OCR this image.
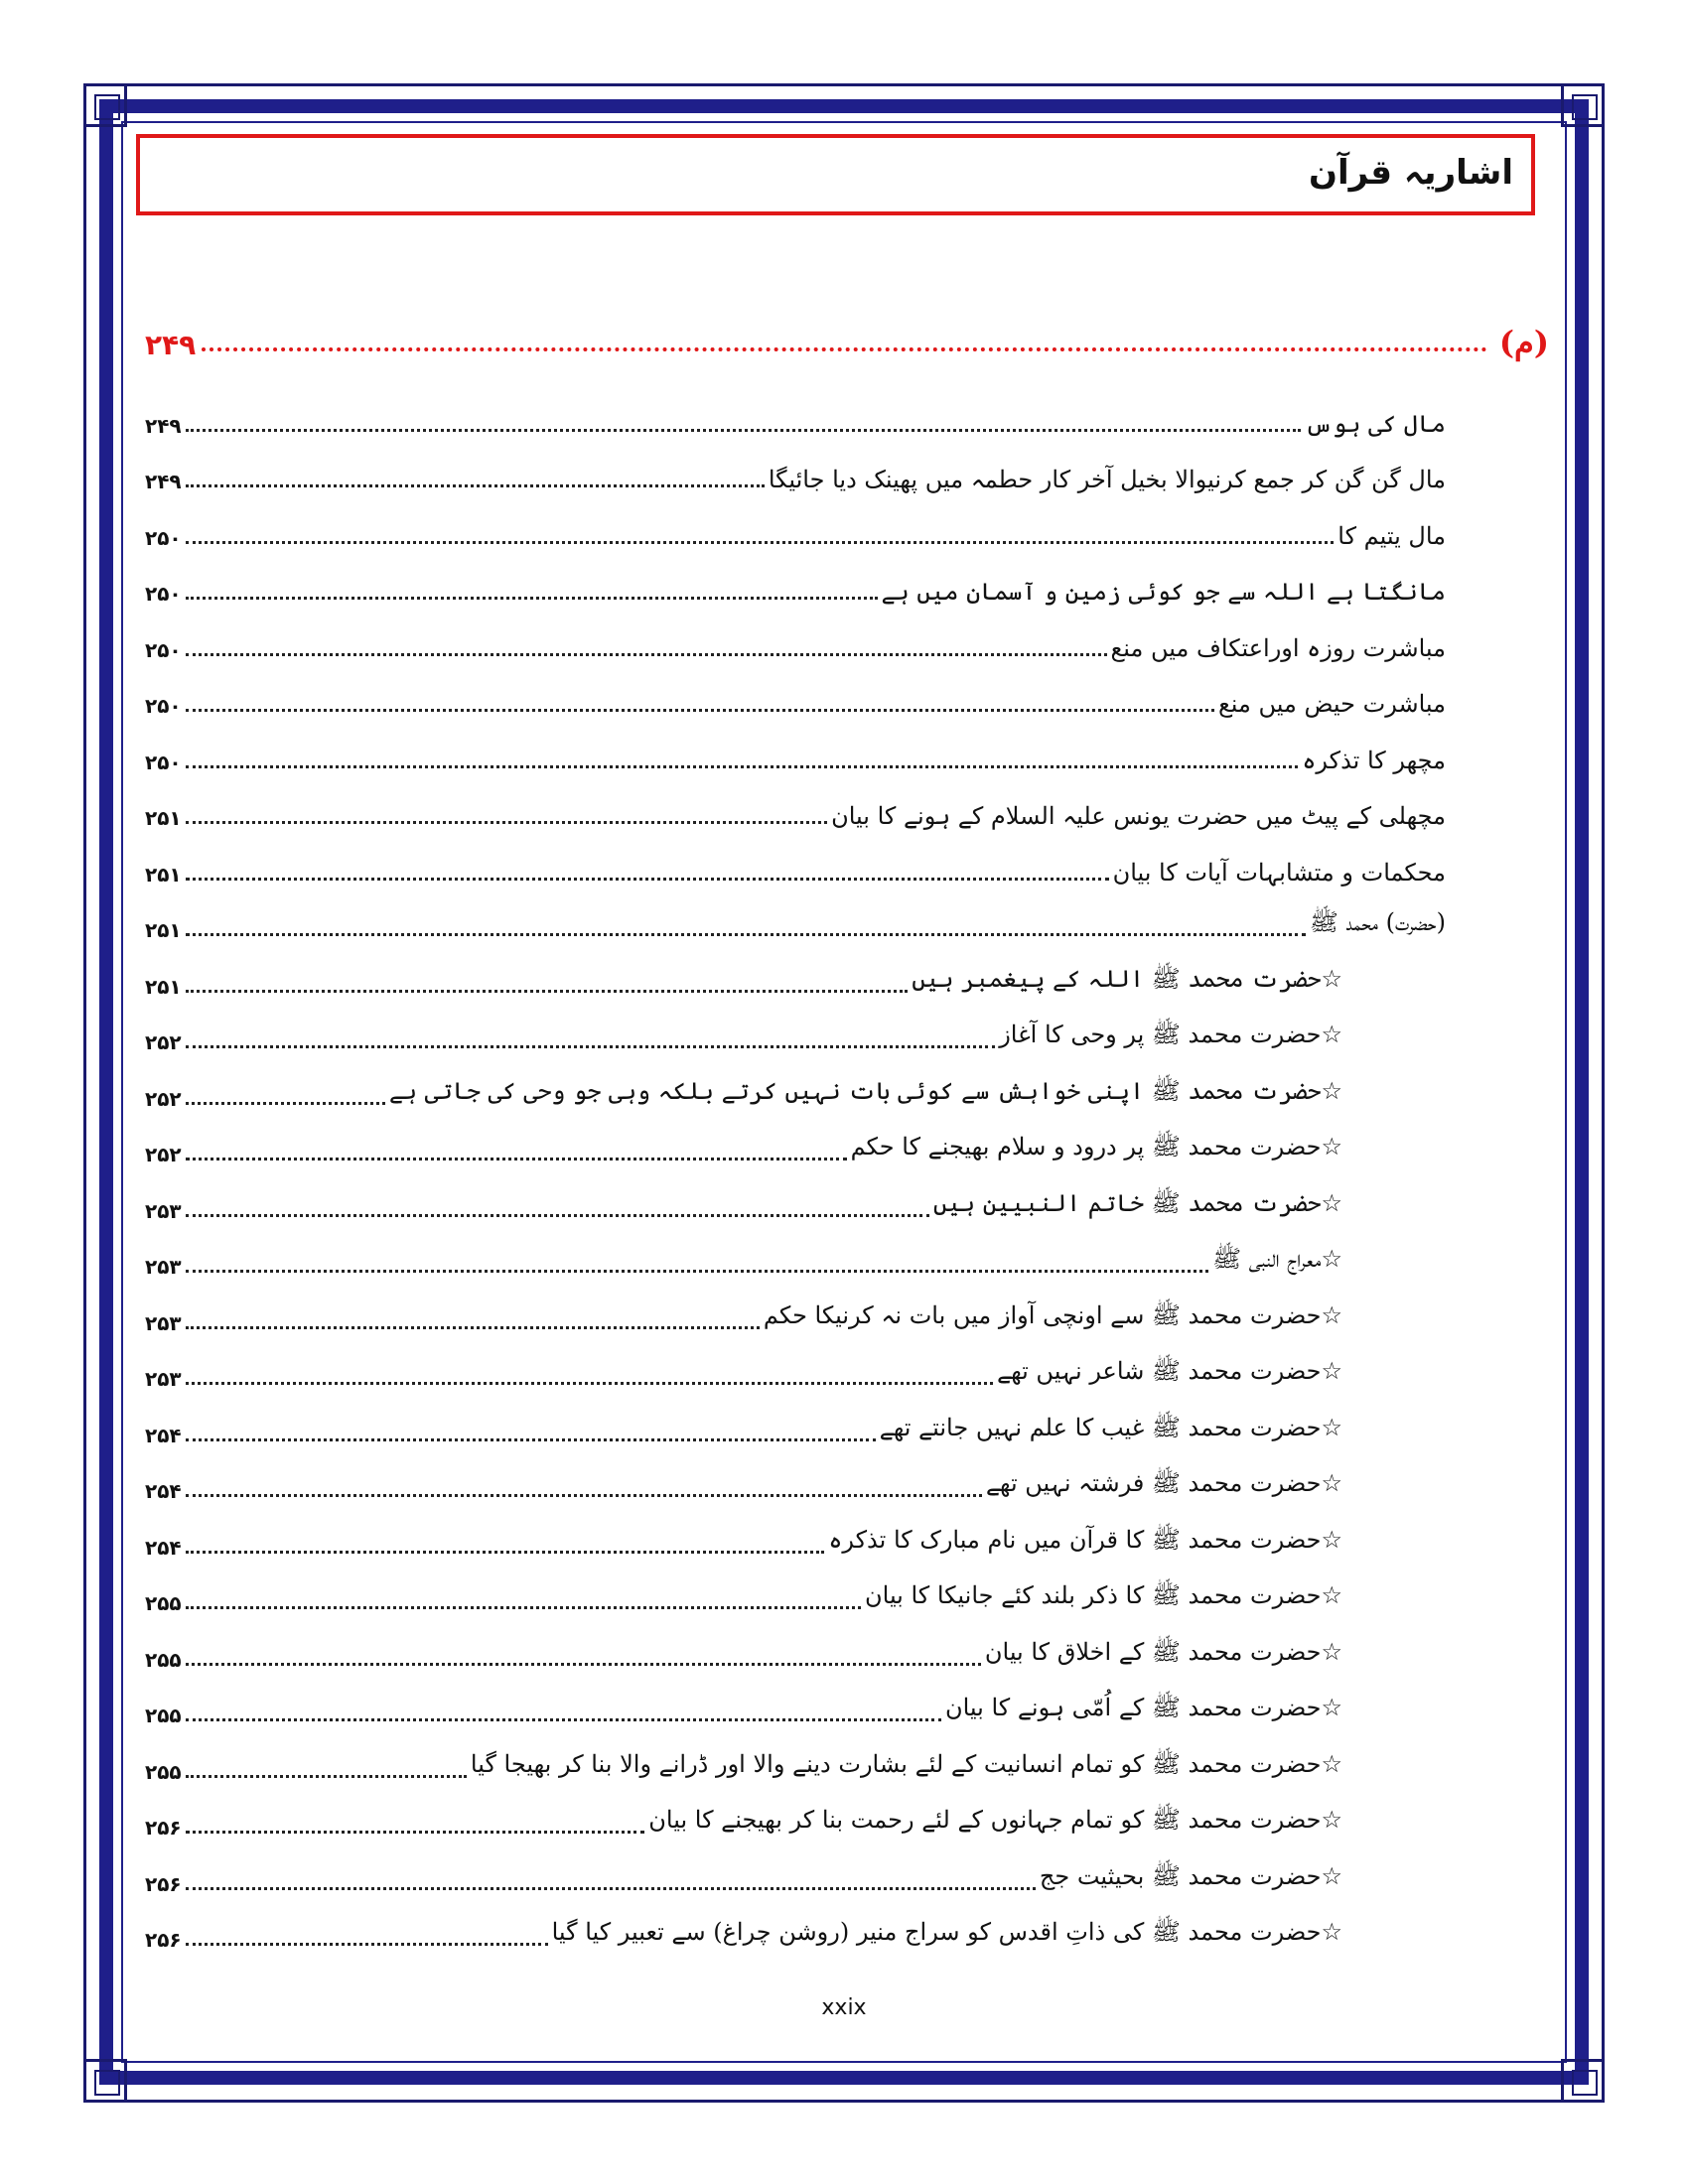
اشاریہ قرآن
(م)
۲۴۹
مال کی ہوس
۲۴۹
مال گن گن کر جمع کرنیوالا بخیل آخر کار حطمہ میں پھینک دیا جائیگا
۲۴۹
مال یتیم کا
۲۵۰
مانگتا ہے اللہ سے جو کوئی زمین و آسمان میں ہے
۲۵۰
مباشرت روزہ اوراعتکاف میں منع
۲۵۰
مباشرت حیض میں منع
۲۵۰
مچھر کا تذکرہ
۲۵۰
مچھلی کے پیٹ میں حضرت یونس علیہ السلام کے ہونے کا بیان
۲۵۱
محکمات و متشابہات آیات کا بیان
۲۵۱
(حضرت) محمد ﷺ
۲۵۱
☆حضرت محمد ﷺ اللہ کے پیغمبر ہیں
۲۵۱
☆حضرت محمد ﷺ پر وحی کا آغاز
۲۵۲
☆حضرت محمد ﷺ اپنی خواہش سے کوئی بات نہیں کرتے بلکہ وہی جو وحی کی جاتی ہے
۲۵۲
☆حضرت محمد ﷺ پر درود و سلام بھیجنے کا حکم
۲۵۲
☆حضرت محمد ﷺ خاتم النبیین ہیں
۲۵۳
☆معراج النبی ﷺ
۲۵۳
☆حضرت محمد ﷺ سے اونچی آواز میں بات نہ کرنیکا حکم
۲۵۳
☆حضرت محمد ﷺ شاعر نہیں تھے
۲۵۳
☆حضرت محمد ﷺ غیب کا علم نہیں جانتے تھے
۲۵۴
☆حضرت محمد ﷺ فرشتہ نہیں تھے
۲۵۴
☆حضرت محمد ﷺ کا قرآن میں نام مبارک کا تذکرہ
۲۵۴
☆حضرت محمد ﷺ کا ذکر بلند کئے جانیکا کا بیان
۲۵۵
☆حضرت محمد ﷺ کے اخلاق کا بیان
۲۵۵
☆حضرت محمد ﷺ کے اُمّی ہونے کا بیان
۲۵۵
☆حضرت محمد ﷺ کو تمام انسانیت کے لئے بشارت دینے والا اور ڈرانے والا بنا کر بھیجا گیا
۲۵۵
☆حضرت محمد ﷺ کو تمام جہانوں کے لئے رحمت بنا کر بھیجنے کا بیان
۲۵۶
☆حضرت محمد ﷺ بحیثیت جج
۲۵۶
☆حضرت محمد ﷺ کی ذاتِ اقدس کو سراج منیر (روشن چراغ) سے تعبیر کیا گیا
۲۵۶
xxix
